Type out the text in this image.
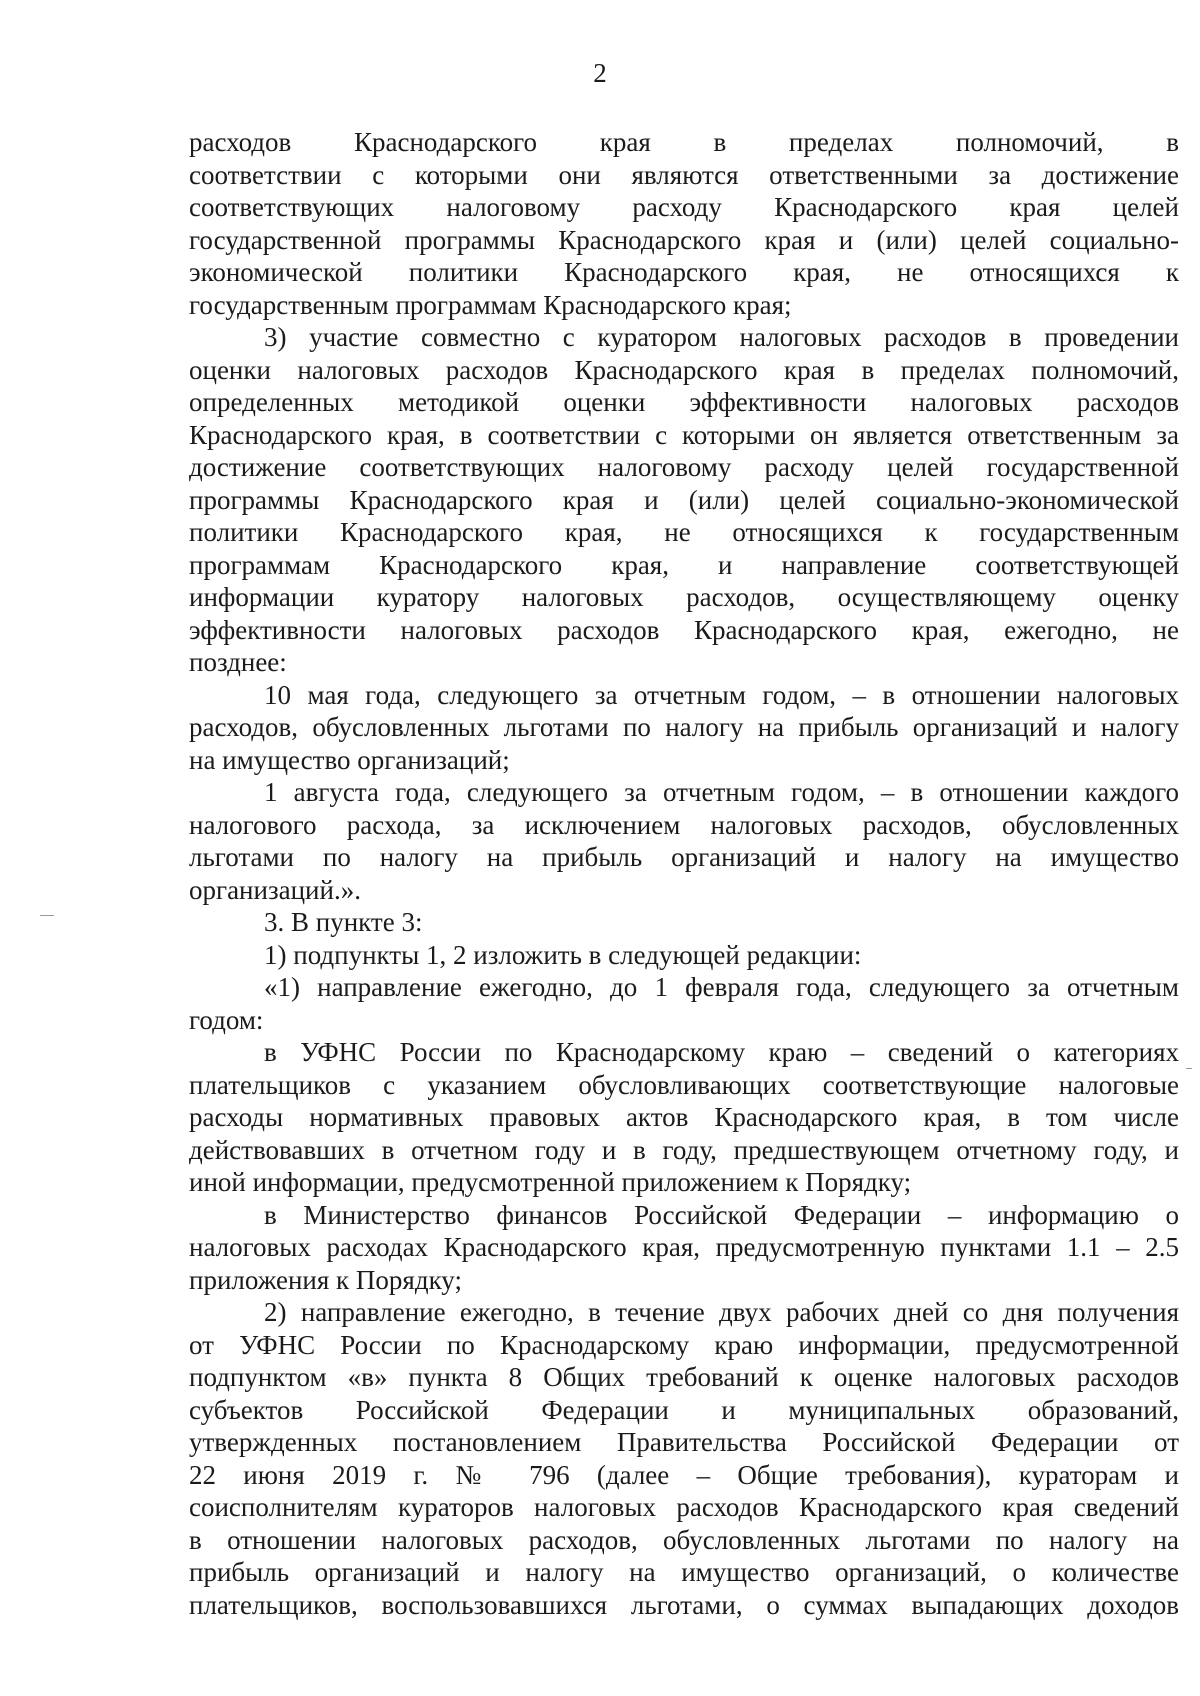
2
расходов Краснодарского края в пределах полномочий, в
соответствии с которыми они являются ответственными за достижение
соответствующих налоговому расходу Краснодарского края целей
государственной программы Краснодарского края и (или) целей социально-
экономической политики Краснодарского края, не относящихся к
государственным программам Краснодарского края;
3) участие совместно с куратором налоговых расходов в проведении
оценки налоговых расходов Краснодарского края в пределах полномочий,
определенных методикой оценки эффективности налоговых расходов
Краснодарского края, в соответствии с которыми он является ответственным за
достижение соответствующих налоговому расходу целей государственной
программы Краснодарского края и (или) целей социально-экономической
политики Краснодарского края, не относящихся к государственным
программам Краснодарского края, и направление соответствующей
информации куратору налоговых расходов, осуществляющему оценку
эффективности налоговых расходов Краснодарского края, ежегодно, не
позднее:
10 мая года, следующего за отчетным годом, – в отношении налоговых
расходов, обусловленных льготами по налогу на прибыль организаций и налогу
на имущество организаций;
1 августа года, следующего за отчетным годом, – в отношении каждого
налогового расхода, за исключением налоговых расходов, обусловленных
льготами по налогу на прибыль организаций и налогу на имущество
организаций.».
3. В пункте 3:
1) подпункты 1, 2 изложить в следующей редакции:
«1) направление ежегодно, до 1 февраля года, следующего за отчетным
годом:
в УФНС России по Краснодарскому краю – сведений о категориях
плательщиков с указанием обусловливающих соответствующие налоговые
расходы нормативных правовых актов Краснодарского края, в том числе
действовавших в отчетном году и в году, предшествующем отчетному году, и
иной информации, предусмотренной приложением к Порядку;
в Министерство финансов Российской Федерации – информацию о
налоговых расходах Краснодарского края, предусмотренную пунктами 1.1 – 2.5
приложения к Порядку;
2) направление ежегодно, в течение двух рабочих дней со дня получения
от УФНС России по Краснодарскому краю информации, предусмотренной
подпунктом «в» пункта 8 Общих требований к оценке налоговых расходов
субъектов Российской Федерации и муниципальных образований,
утвержденных постановлением Правительства Российской Федерации от
22 июня 2019 г. № 796 (далее – Общие требования), кураторам и
соисполнителям кураторов налоговых расходов Краснодарского края сведений
в отношении налоговых расходов, обусловленных льготами по налогу на
прибыль организаций и налогу на имущество организаций, о количестве
плательщиков, воспользовавшихся льготами, о суммах выпадающих доходов
